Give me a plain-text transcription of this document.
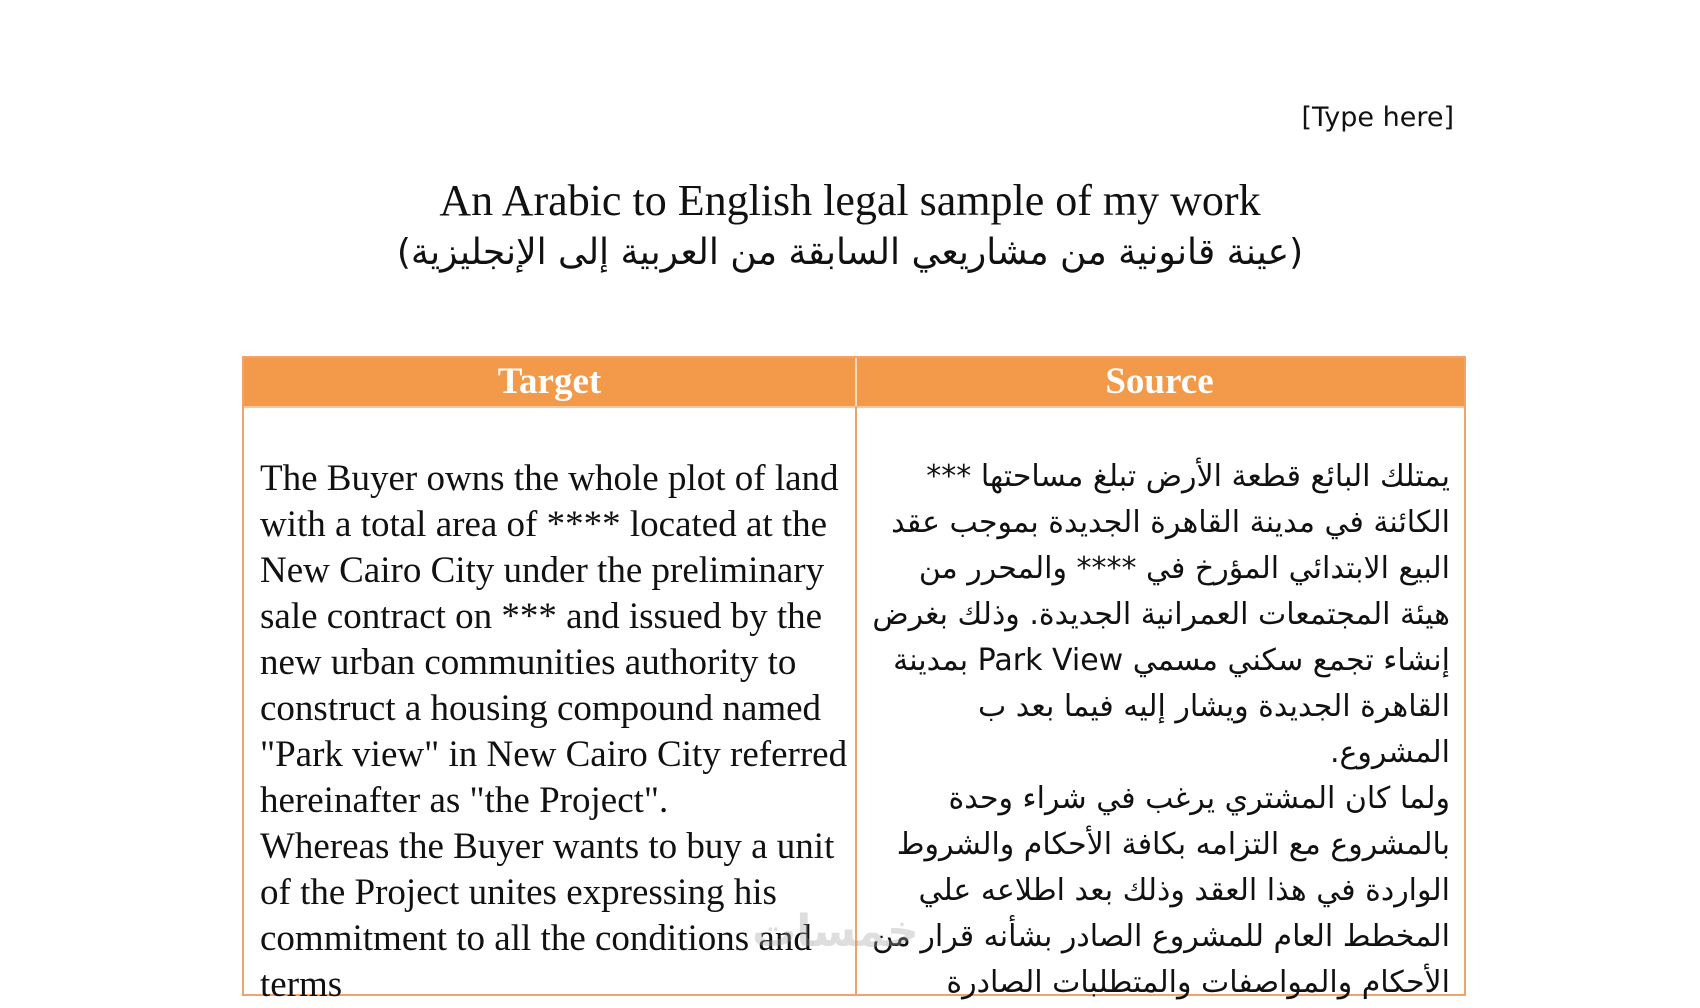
[Type here]
An Arabic to English legal sample of my work
(عينة قانونية من مشاريعي السابقة من العربية إلى الإنجليزية)
Target	Source

The Buyer owns the whole plot of land with a total area of **** located at the New Cairo City under the preliminary sale contract on *** and issued by the new urban communities authority to construct a housing compound named "Park view" in New Cairo City referred hereinafter as "the Project".

Whereas the Buyer wants to buy a unit of the Project unites expressing his commitment to all the conditions and terms

يمتلك البائع قطعة الأرض تبلغ مساحتها *** الكائنة في مدينة القاهرة الجديدة بموجب عقد البيع الابتدائي المؤرخ في **** والمحرر من هيئة المجتمعات العمرانية الجديدة. وذلك بغرض إنشاء تجمع سكني مسمي Park View بمدينة القاهرة الجديدة ويشار إليه فيما بعد ب المشروع.

ولما كان المشتري يرغب في شراء وحدة بالمشروع مع التزامه بكافة الأحكام والشروط الواردة في هذا العقد وذلك بعد اطلاعه علي المخطط العام للمشروع الصادر بشأنه قرار من الأحكام والمواصفات والمتطلبات الصادرة

خمسات
